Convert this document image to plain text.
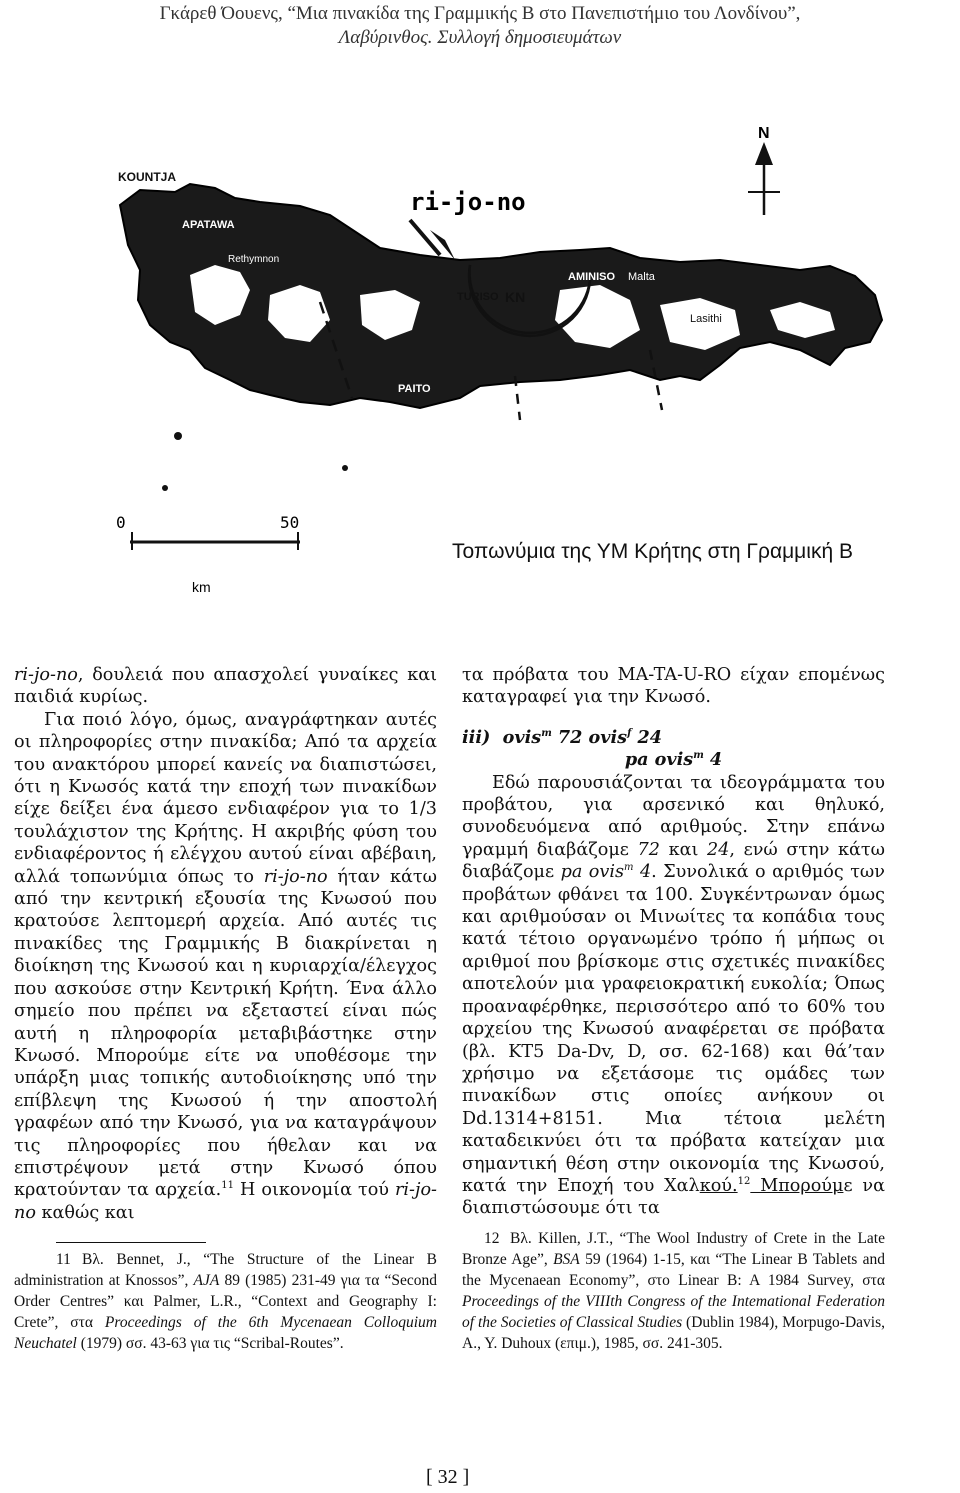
Γκάρεθ Όουενς, “Μια πινακίδα της Γραμμικής Β στο Πανεπιστήμιο του Λονδίνου”,
Λαβύρινθος. Συλλογή δημοσιευμάτων
N
ri-jo-no
KOUNTJA
APATAWA
Rethymnon
AMINISO Malta
TURISO KN
Lasithi
PAITO
0	50
km
Τοπωνύμια της ΥΜ Κρήτης στη Γραμμική Β

ri-jo-no, δουλειά που απασχολεί γυναίκες και παιδιά κυρίως.

Για ποιό λόγο, όμως, αναγράφτηκαν αυτές οι πληροφορίες στην πινακίδα; Από τα αρχεία του ανακτόρου μπορεί κανείς να διαπιστώσει, ότι η Κνωσός κατά την εποχή των πινακίδων είχε δείξει ένα άμεσο ενδιαφέρον για το 1/3 τουλάχιστον της Κρήτης. Η ακριβής φύση του ενδιαφέροντος ή ελέγχου αυτού είναι αβέβαιη, αλλά τοπωνύμια όπως το ri-jo-no ήταν κάτω από την κεντρική εξουσία της Κνωσού που κρατούσε λεπτομερή αρχεία. Από αυτές τις πινακίδες της Γραμμικής Β διακρίνεται η διοίκηση της Κνωσού και η κυριαρχία/έλεγχος που ασκούσε στην Κεντρική Κρήτη. Ένα άλλο σημείο που πρέπει να εξεταστεί είναι πώς αυτή η πληροφορία μεταβιβάστηκε στην Κνωσό. Μπορούμε είτε να υποθέσομε την υπάρξη μιας τοπικής αυτοδιοίκησης υπό την επίβλεψη της Κνωσού ή την αποστολή γραφέων από την Κνωσό, για να καταγράψουν τις πληροφορίες που ήθελαν και να επιστρέψουν μετά στην Κνωσό όπου κρατούνταν τα αρχεία.$^{11}$ Η οικονομία τού ri-jo-no καθώς και

11 Βλ. Bennet, J., “The Structure of the Linear B administration at Knossos”, AJA 89 (1985) 231-49 για τα “Second Order Centres” και Palmer, L.R., “Context and Geography I: Crete”, στα Proceedings of the 6th Mycenaean Colloquium Neuchatel (1979) σσ. 43-63 για τις “Scribal-Routes”.

τα πρόβατα του MA-TA-U-RO είχαν επομένως καταγραφεί για την Κνωσό.

iii) ovis$^m$ 72 ovis$^f$ 24

pa ovis$^m$ 4

Εδώ παρουσιάζονται τα ιδεογράμματα του προβάτου, για αρσενικό και θηλυκό, συνοδευόμενα από αριθμούς. Στην επάνω γραμμή διαβάζομε 72 και 24, ενώ στην κάτω διαβάζομε pa ovis$^m$ 4. Συνολικά ο αριθμός των προβάτων φθάνει τα 100. Συγκέντρωναν όμως και αριθμούσαν οι Μινωίτες τα κοπάδια τους κατά τέτοιο οργανωμένο τρόπο ή μήπως οι αριθμοί που βρίσκομε στις σχετικές πινακίδες αποτελούν μια γραφειοκρατική ευκολία; Όπως προαναφέρθηκε, περισσότερο από το 60% του αρχείου της Κνωσού αναφέρεται σε πρόβατα (βλ. KT5 Da-Dv, D, σσ. 62-168) και θά’ταν χρήσιμο να εξετάσομε τις ομάδες των πινακίδων στις οποίες ανήκουν οι Dd.1314+8151. Μια τέτοια μελέτη καταδεικνύει ότι τα πρόβατα κατείχαν μια σημαντική θέση στην οικονομία της Κνωσού, κατά την Εποχή του Χαλκού.$^{12}$ Μπορούμε να διαπιστώσουμε ότι τα

12 Βλ. Killen, J.T., “The Wool Industry of Crete in the Late Bronze Age”, BSA 59 (1964) 1-15, και “The Linear B Tablets and the Mycenaean Economy”, στο Linear B: A 1984 Survey, στα Proceedings of the VIIIth Congress of the Intemational Federation of the Societies of Classical Studies (Dublin 1984), Morpugo-Davis, A., Y. Duhoux (επιμ.), 1985, σσ. 241-305.

[ 32 ]
